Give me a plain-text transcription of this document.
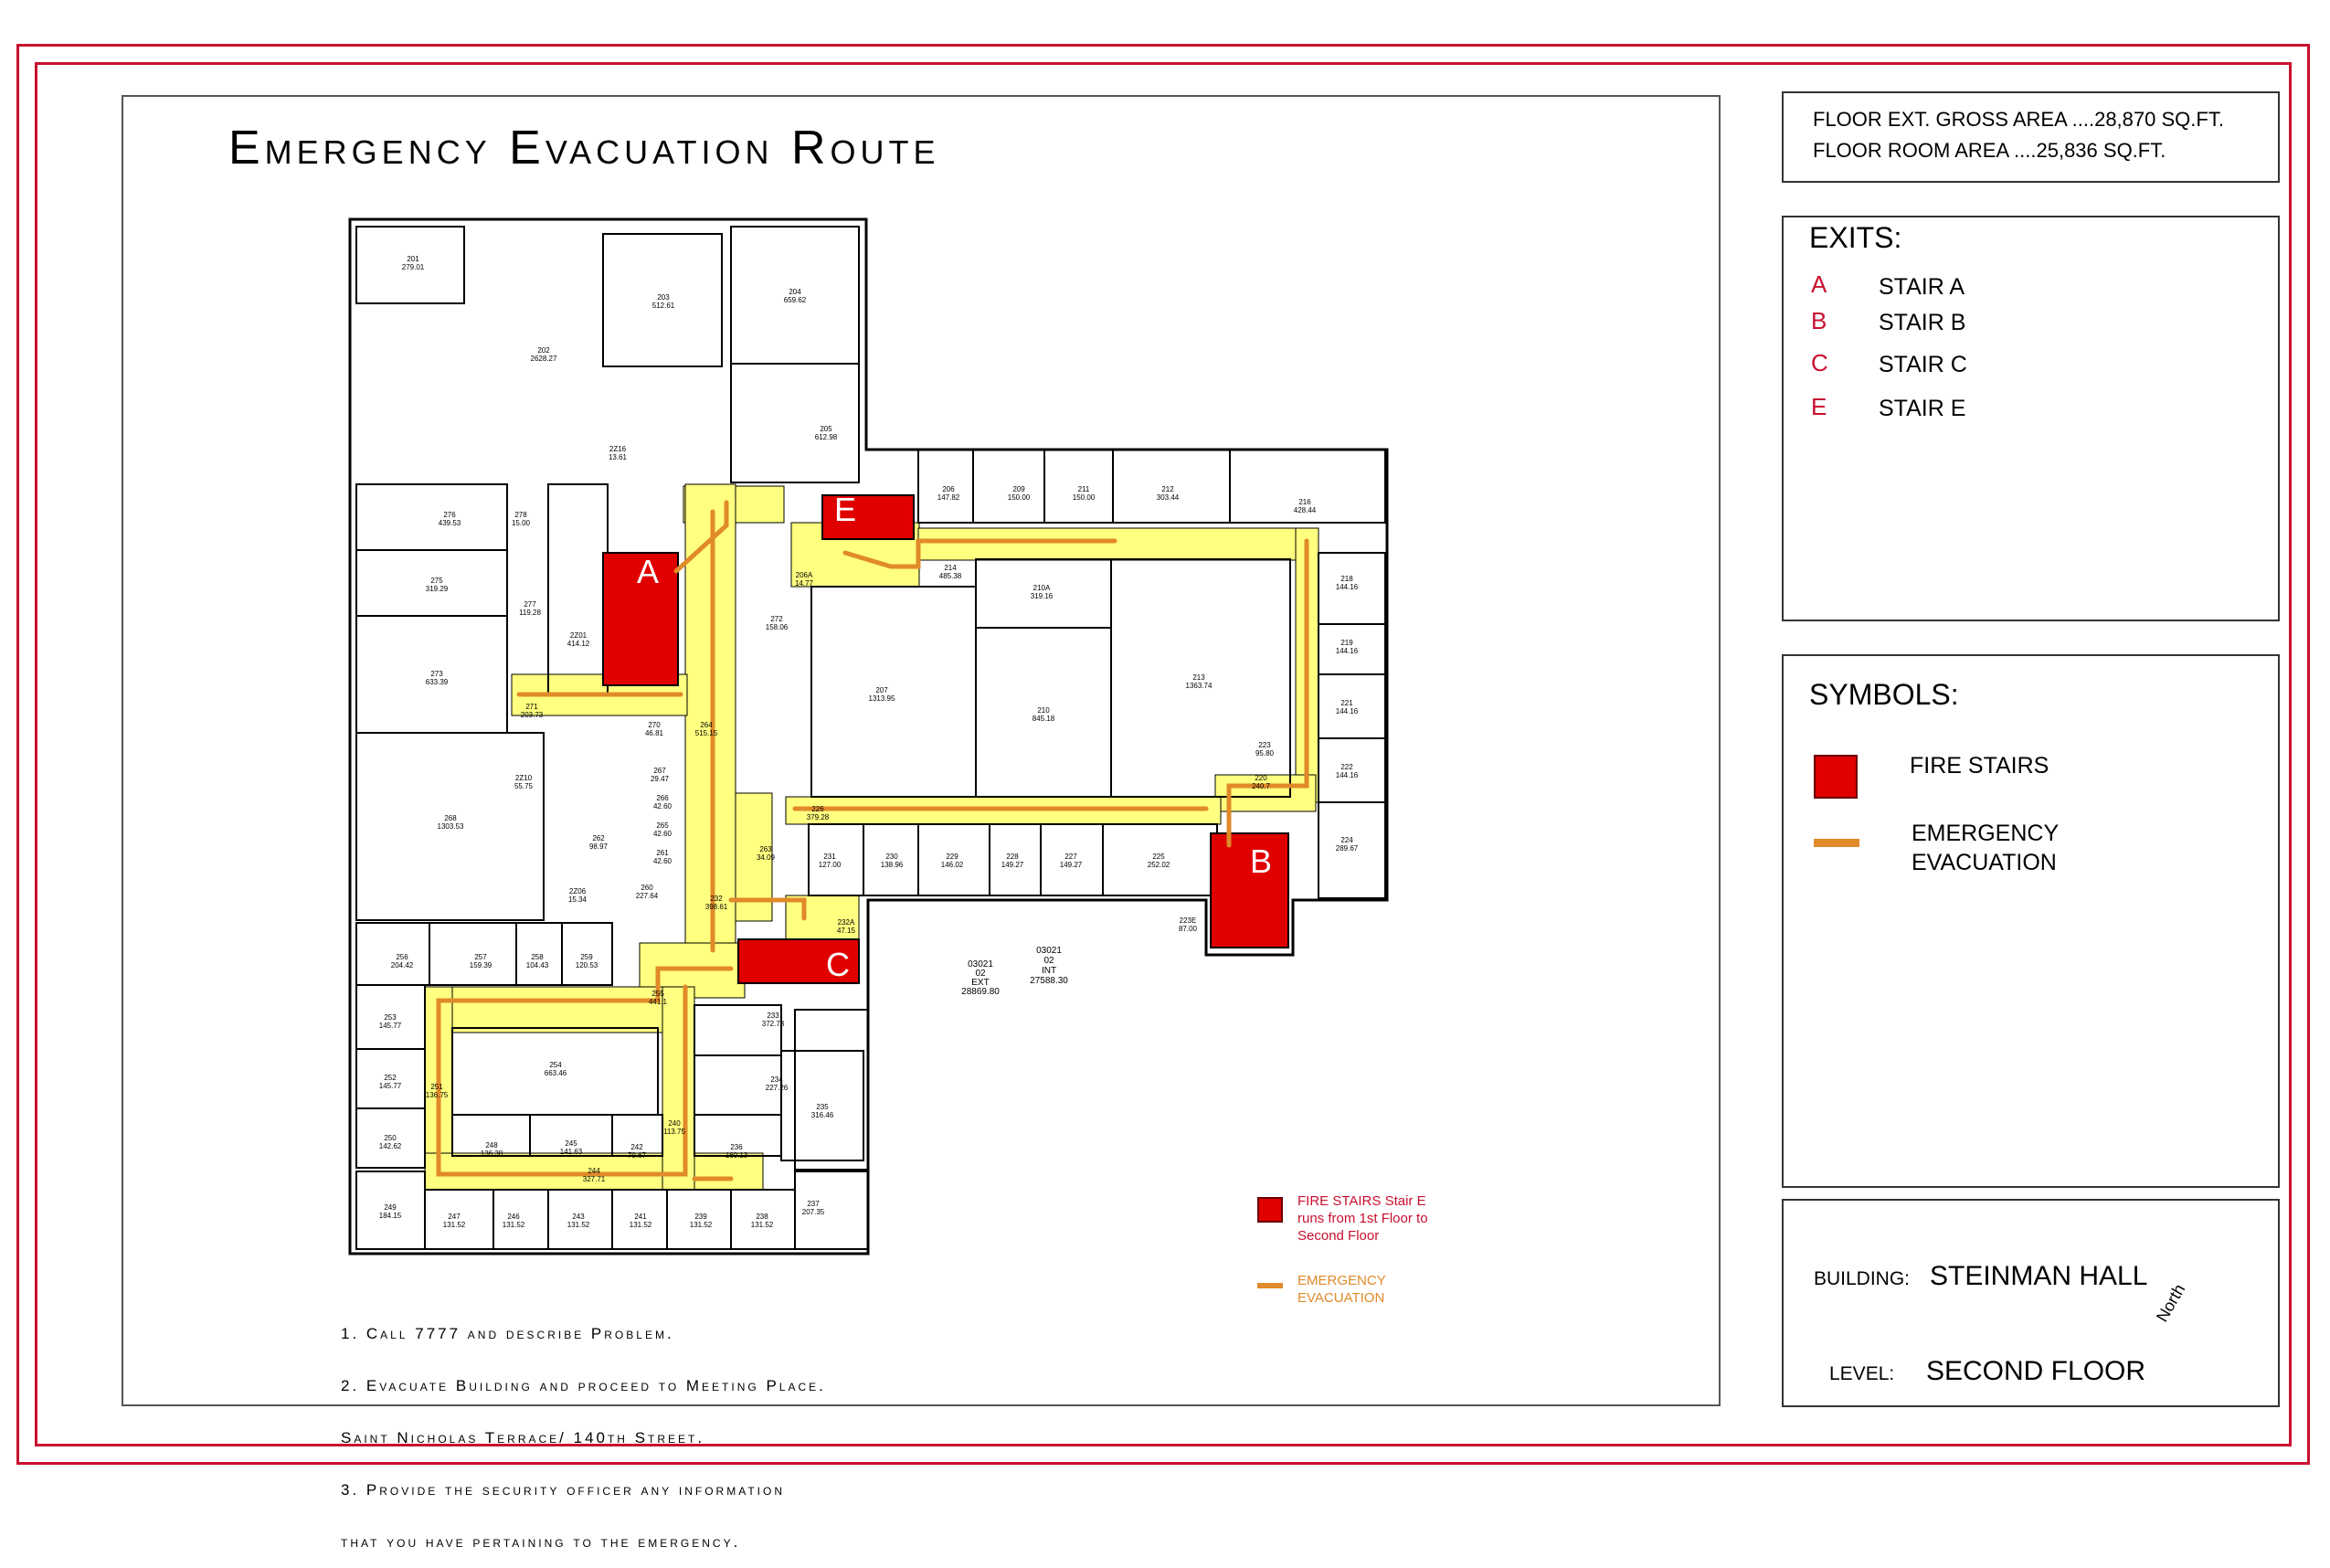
Emergency Evacuation Route
201
279.01
202
2628.27
203
512.61
204
659.62
205
612.98
206
147.82
209
150.00
211
150.00
212
303.44
216
428.44
218
144.16
219
144.16
221
144.16
222
144.16
224
289.67
213
1363.74
210A
319.16
210
845.18
207
1313.95
214
485.38
206A
14.77
272
158.06
223
95.80
220
240.7
226
379.28
231
127.00
230
138.96
229
146.02
228
149.27
227
149.27
225
252.02
223E
87.00
276
439.53
278
15.00
275
319.29
277
119.28
273
633.39
2Z01
414.12
2Z16
13.61
271
203.73
270
46.81
264
515.15
267
29.47
266
42.60
265
42.60
261
42.60
263
34.09
2Z10
55.75
268
1303.53
262
98.97
260
227.64	232
398.61
232A
47.15
2Z06
15.34
256
204.42
257
159.39
258
104.43
259
120.53
255
441.1
253
145.77
252
145.77
254
663.46
233
372.73
234
227.26
235
316.46
250
142.62	248
136.38
245
141.63
242
79.67
236
160.13
244
327.71
249
184.15	247
131.52
246
131.52
243
131.52
241
131.52
239
131.52
238
131.52
237
207.35
251
136.75
240
113.75
A
B
C
E
03021
02
INT
27588.30
03021
02
EXT
28869.80
FIRE STAIRS Stair E
runs from 1st Floor to
Second Floor
EMERGENCY
EVACUATION

1. Call 7777 and describe Problem.

2. Evacuate Building and proceed to Meeting Place.

Saint Nicholas Terrace/ 140th Street.

3. Provide the security officer any information

that you have pertaining to the emergency.

FLOOR EXT. GROSS AREA ....28,870 SQ.FT.
FLOOR ROOM AREA ....25,836 SQ.FT.
EXITS:
A STAIR A
B STAIR B
C STAIR C
E STAIR E
SYMBOLS:
FIRE STAIRS
EMERGENCY
EVACUATION
BUILDING: STEINMAN HALL
LEVEL: SECOND FLOOR
North
